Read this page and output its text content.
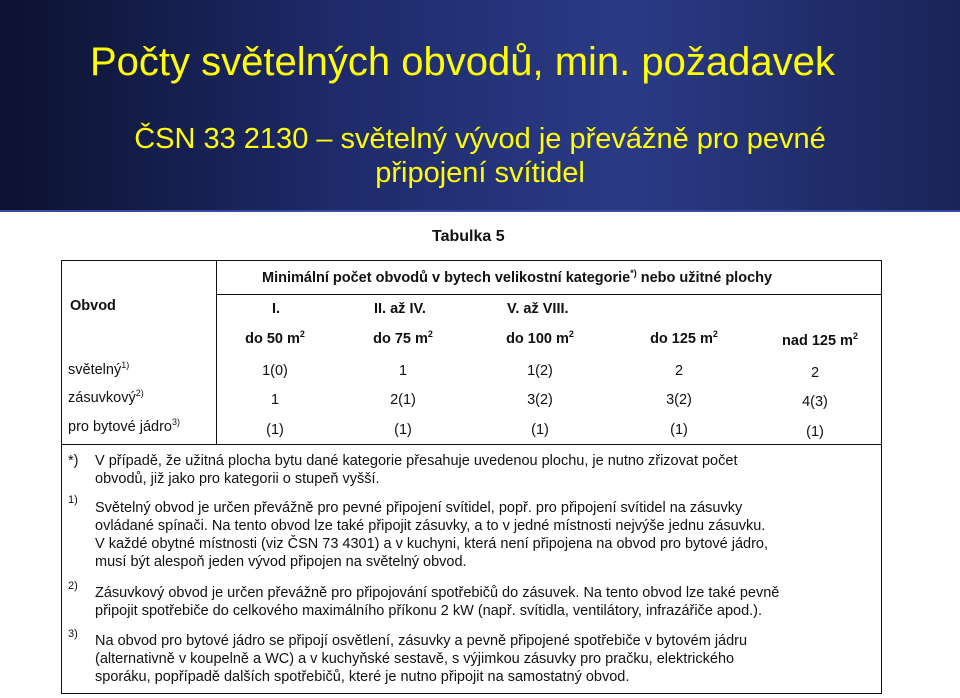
Počty světelných obvodů, min. požadavek
ČSN 33 2130 – světelný vývod je převážně pro pevné
připojení svítidel
Tabulka 5
Minimální počet obvodů v bytech velikostní kategorie*) nebo užitné plochy
Obvod	I.	II. až IV.	V. až VIII.
do 50 $m^2$	do 75 $m^2$	do 100 $m^2$	do 125 $m^2$	nad 125 $m^2$
světelný$^{1)}$	1(0)	1	1(2)	2	2
zásuvkový$^{2)}$	1	2(1)	3(2)	3(2)	4(3)
pro bytové jádro$^{3)}$	(1)	(1)	(1)	(1)	(1)
*) V případě, že užitná plocha bytu dané kategorie přesahuje uvedenou plochu, je nutno zřizovat počet
obvodů, již jako pro kategorii o stupeň vyšší.
1) Světelný obvod je určen převážně pro pevné připojení svítidel, popř. pro připojení svítidel na zásuvky
ovládané spínači. Na tento obvod lze také připojit zásuvky, a to v jedné místnosti nejvýše jednu zásuvku.
V každé obytné místnosti (viz ČSN 73 4301) a v kuchyni, která není připojena na obvod pro bytové jádro,
musí být alespoň jeden vývod připojen na světelný obvod.
2) Zásuvkový obvod je určen převážně pro připojování spotřebičů do zásuvek. Na tento obvod lze také pevně
připojit spotřebiče do celkového maximálního příkonu 2 kW (např. svítidla, ventilátory, infrazářiče apod.).
3) Na obvod pro bytové jádro se připojí osvětlení, zásuvky a pevně připojené spotřebiče v bytovém jádru
(alternativně v koupelně a WC) a v kuchyňské sestavě, s výjimkou zásuvky pro pračku, elektrického
sporáku, popřípadě dalších spotřebičů, které je nutno připojit na samostatný obvod.
